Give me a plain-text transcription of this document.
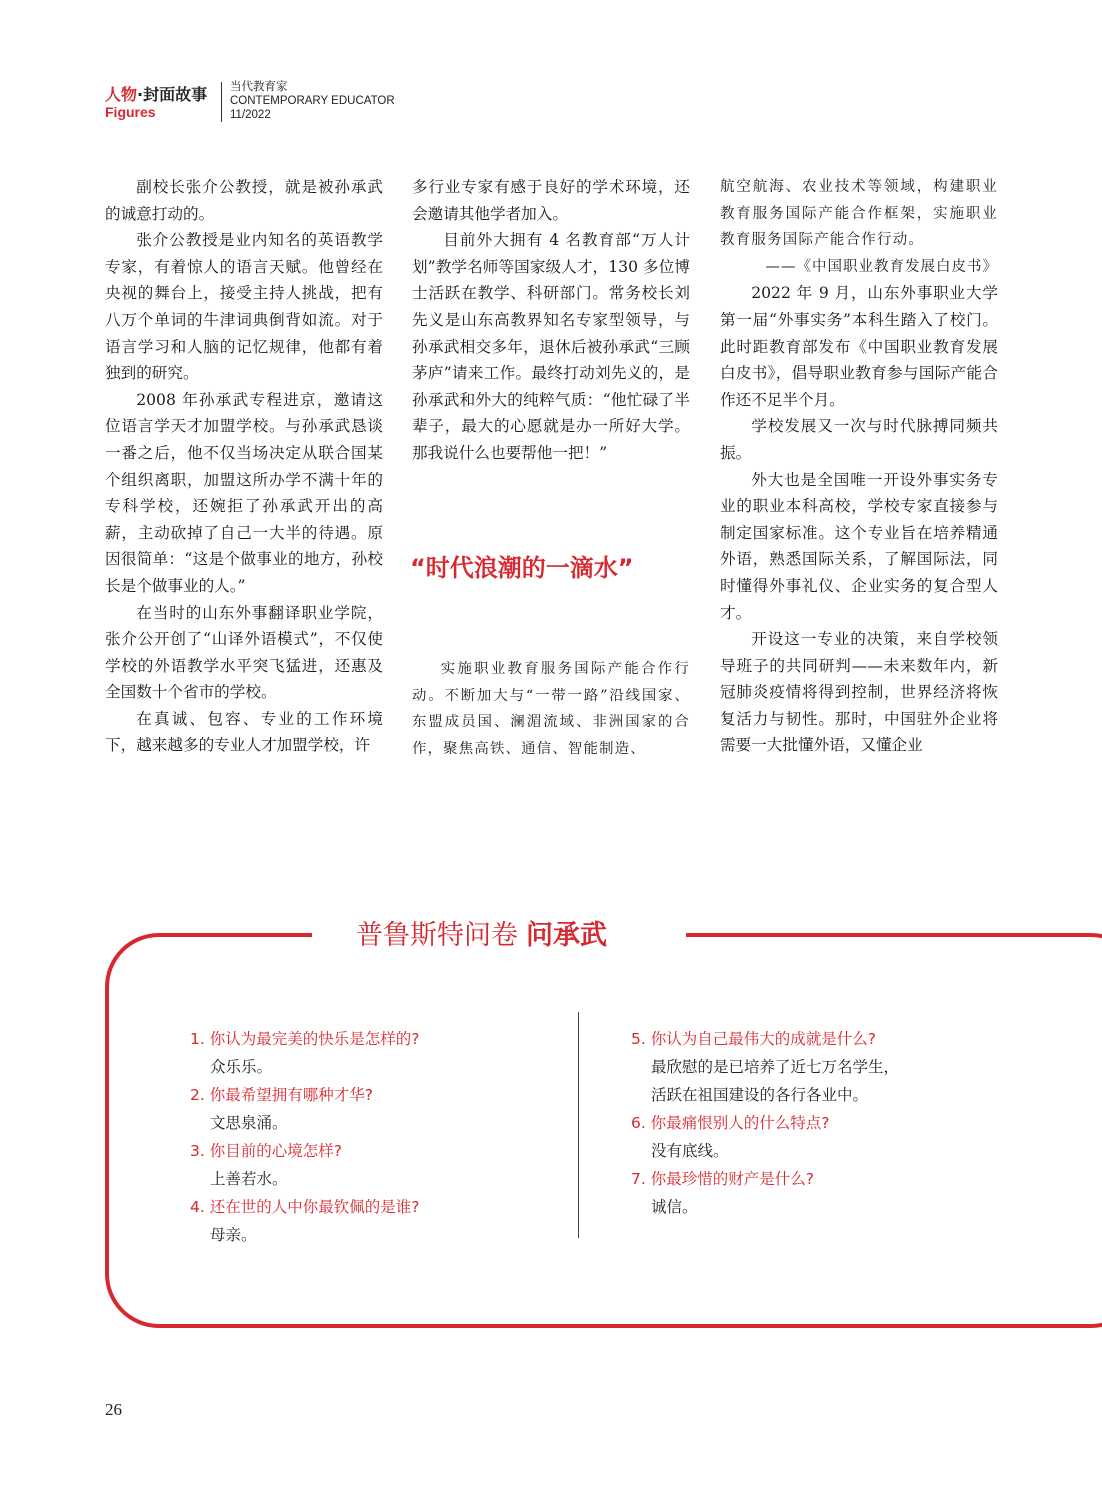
人物·封面故事
Figures
当代教育家
CONTEMPORARY EDUCATOR
11/2022

副校长张介公教授，就是被孙承武的诚意打动的。

张介公教授是业内知名的英语教学专家，有着惊人的语言天赋。他曾经在央视的舞台上，接受主持人挑战，把有八万个单词的牛津词典倒背如流。对于语言学习和人脑的记忆规律，他都有着独到的研究。

2008 年孙承武专程进京，邀请这位语言学天才加盟学校。与孙承武恳谈一番之后，他不仅当场决定从联合国某个组织离职，加盟这所办学不满十年的专科学校，还婉拒了孙承武开出的高薪，主动砍掉了自己一大半的待遇。原因很简单：“这是个做事业的地方，孙校长是个做事业的人。”

在当时的山东外事翻译职业学院，张介公开创了“山译外语模式”，不仅使学校的外语教学水平突飞猛进，还惠及全国数十个省市的学校。

在真诚、包容、专业的工作环境下，越来越多的专业人才加盟学校，许

多行业专家有感于良好的学术环境，还会邀请其他学者加入。

目前外大拥有 4 名教育部“万人计划”教学名师等国家级人才，130 多位博士活跃在教学、科研部门。常务校长刘先义是山东高教界知名专家型领导，与孙承武相交多年，退休后被孙承武“三顾茅庐”请来工作。最终打动刘先义的，是孙承武和外大的纯粹气质：“他忙碌了半辈子，最大的心愿就是办一所好大学。那我说什么也要帮他一把！”

“时代浪潮的一滴水”

实施职业教育服务国际产能合作行动。不断加大与“一带一路”沿线国家、东盟成员国、澜湄流域、非洲国家的合作，聚焦高铁、通信、智能制造、

航空航海、农业技术等领域，构建职业教育服务国际产能合作框架，实施职业教育服务国际产能合作行动。

——《中国职业教育发展白皮书》

2022 年 9 月，山东外事职业大学第一届“外事实务”本科生踏入了校门。此时距教育部发布《中国职业教育发展白皮书》，倡导职业教育参与国际产能合作还不足半个月。

学校发展又一次与时代脉搏同频共振。

外大也是全国唯一开设外事实务专业的职业本科高校，学校专家直接参与制定国家标准。这个专业旨在培养精通外语，熟悉国际关系，了解国际法，同时懂得外事礼仪、企业实务的复合型人才。

开设这一专业的决策，来自学校领导班子的共同研判——未来数年内，新冠肺炎疫情将得到控制，世界经济将恢复活力与韧性。那时，中国驻外企业将需要一大批懂外语，又懂企业

普鲁斯特问卷 问承武
1. 你认为最完美的快乐是怎样的?
众乐乐。
2. 你最希望拥有哪种才华?
文思泉涌。
3. 你目前的心境怎样?
上善若水。
4. 还在世的人中你最钦佩的是谁?
母亲。
5. 你认为自己最伟大的成就是什么?
最欣慰的是已培养了近七万名学生，
活跃在祖国建设的各行各业中。
6. 你最痛恨别人的什么特点?
没有底线。
7. 你最珍惜的财产是什么?
诚信。
26
